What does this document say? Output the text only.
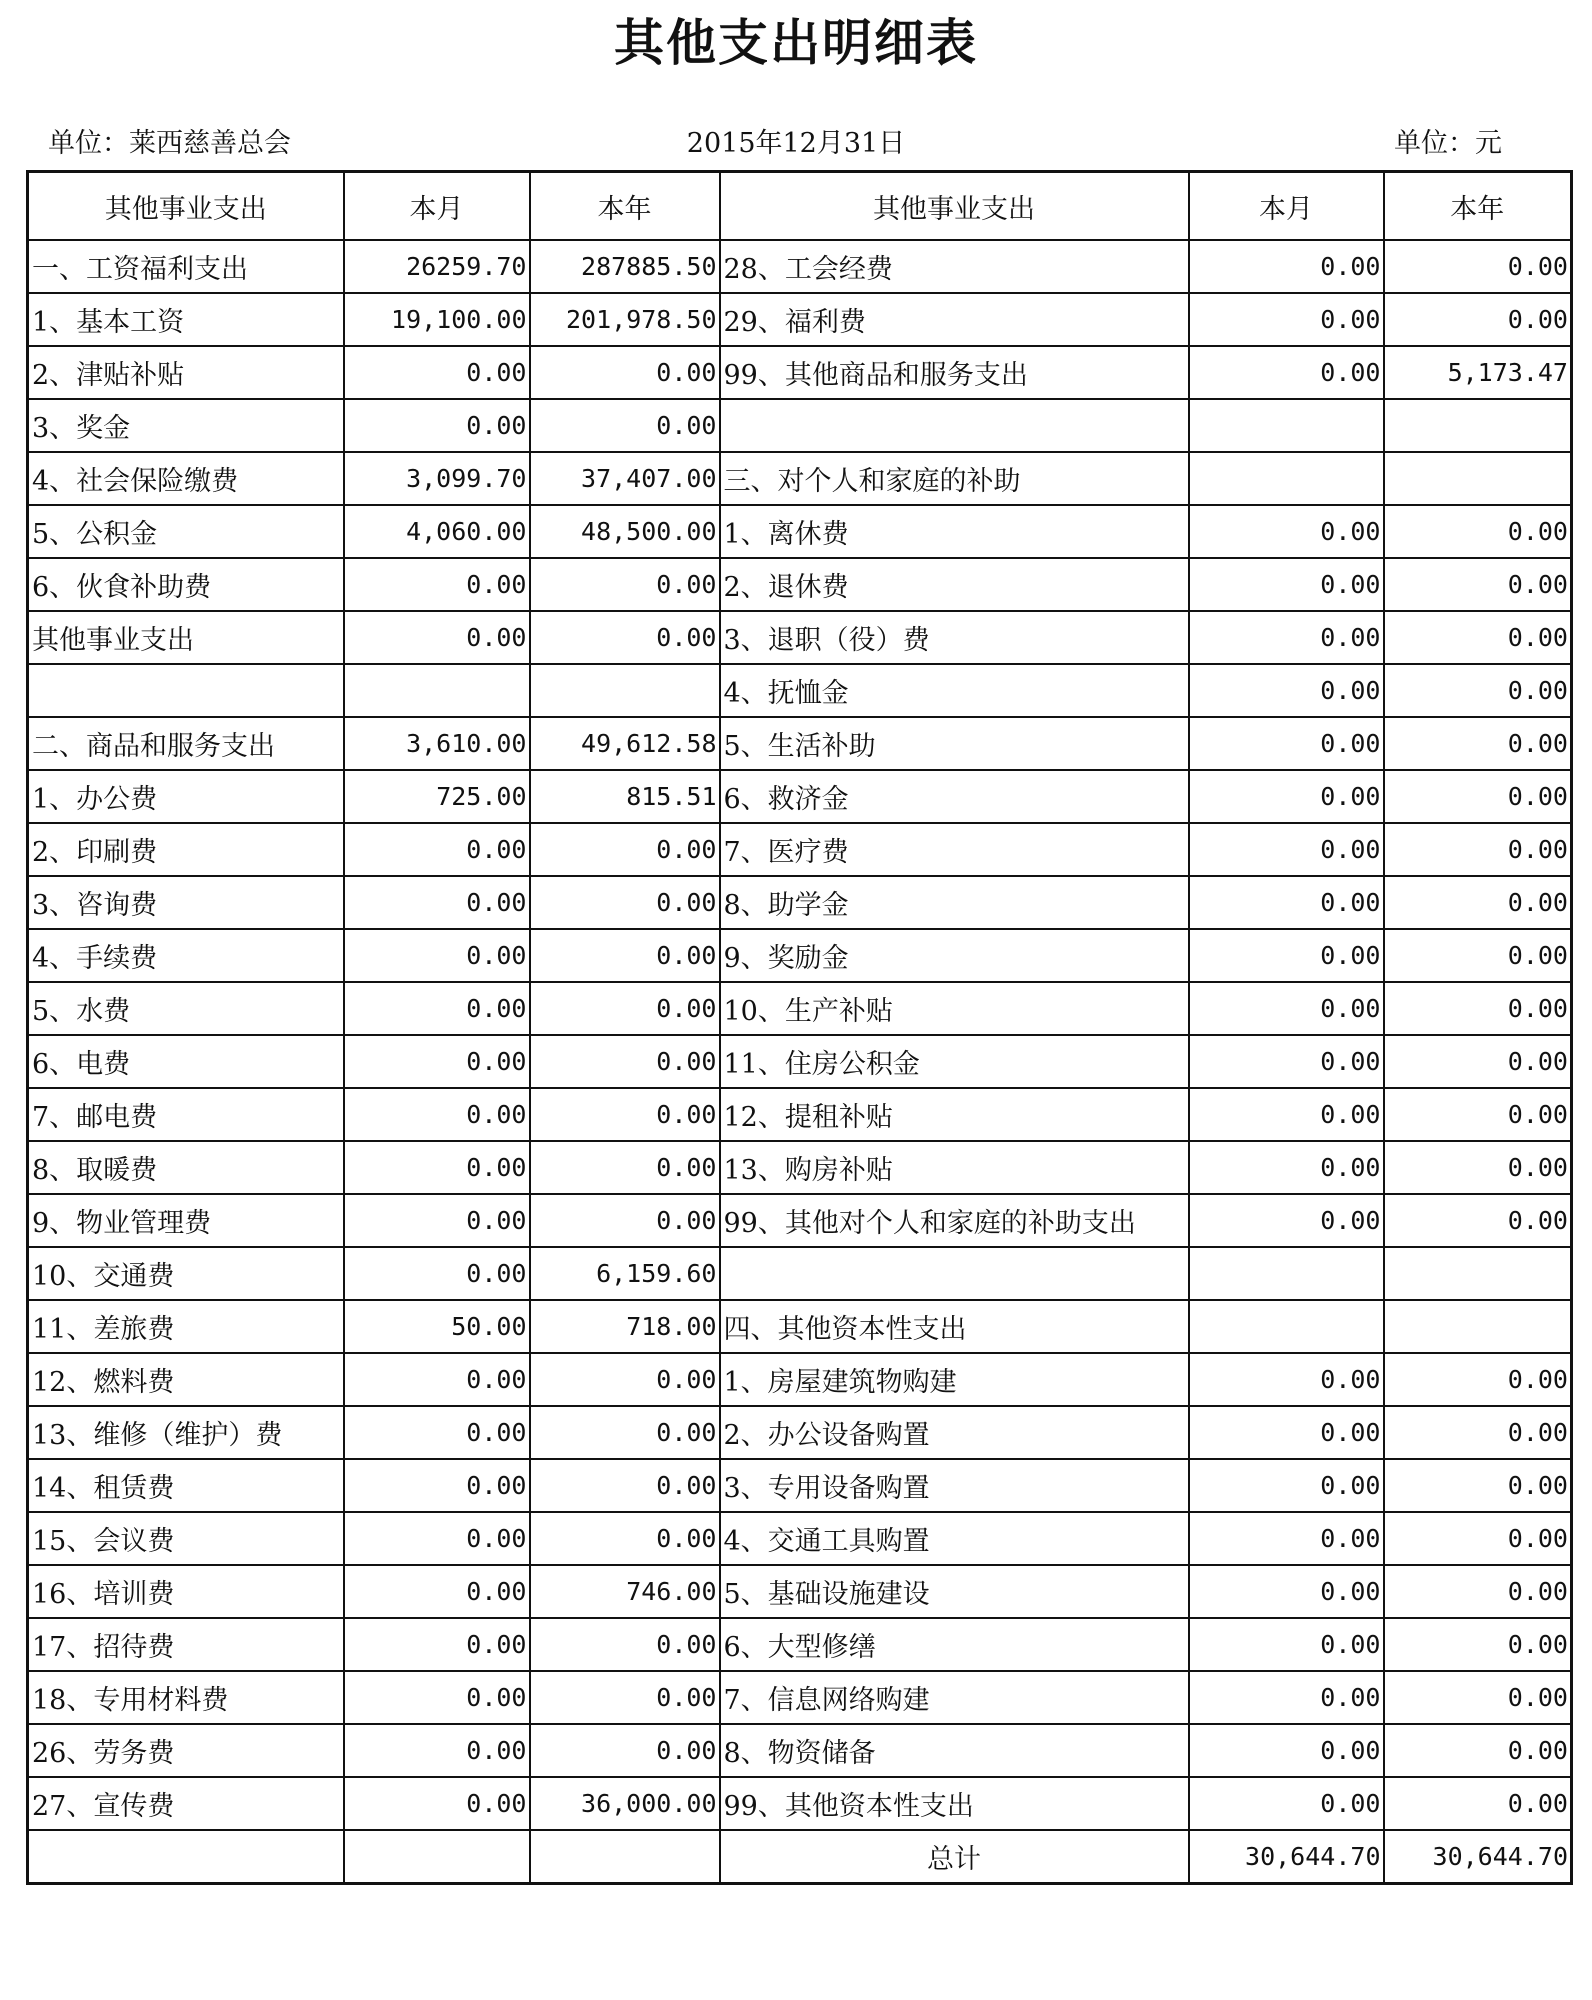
其他支出明细表
单位：莱西慈善总会	2015年12月31日	单位：元
其他事业支出	本月	本年	其他事业支出	本月	本年
一、工资福利支出	26259.70	287885.50	28、工会经费	0.00	0.00
1、基本工资	19,100.00	201,978.50	29、福利费	0.00	0.00
2、津贴补贴	0.00	0.00	99、其他商品和服务支出	0.00	5,173.47
3、奖金	0.00	0.00			
4、社会保险缴费	3,099.70	37,407.00	三、对个人和家庭的补助		
5、公积金	4,060.00	48,500.00	1、离休费	0.00	0.00
6、伙食补助费	0.00	0.00	2、退休费	0.00	0.00
其他事业支出	0.00	0.00	3、退职（役）费	0.00	0.00
			4、抚恤金	0.00	0.00
二、商品和服务支出	3,610.00	49,612.58	5、生活补助	0.00	0.00
1、办公费	725.00	815.51	6、救济金	0.00	0.00
2、印刷费	0.00	0.00	7、医疗费	0.00	0.00
3、咨询费	0.00	0.00	8、助学金	0.00	0.00
4、手续费	0.00	0.00	9、奖励金	0.00	0.00
5、水费	0.00	0.00	10、生产补贴	0.00	0.00
6、电费	0.00	0.00	11、住房公积金	0.00	0.00
7、邮电费	0.00	0.00	12、提租补贴	0.00	0.00
8、取暖费	0.00	0.00	13、购房补贴	0.00	0.00
9、物业管理费	0.00	0.00	99、其他对个人和家庭的补助支出	0.00	0.00
10、交通费	0.00	6,159.60			
11、差旅费	50.00	718.00	四、其他资本性支出		
12、燃料费	0.00	0.00	1、房屋建筑物购建	0.00	0.00
13、维修（维护）费	0.00	0.00	2、办公设备购置	0.00	0.00
14、租赁费	0.00	0.00	3、专用设备购置	0.00	0.00
15、会议费	0.00	0.00	4、交通工具购置	0.00	0.00
16、培训费	0.00	746.00	5、基础设施建设	0.00	0.00
17、招待费	0.00	0.00	6、大型修缮	0.00	0.00
18、专用材料费	0.00	0.00	7、信息网络购建	0.00	0.00
26、劳务费	0.00	0.00	8、物资储备	0.00	0.00
27、宣传费	0.00	36,000.00	99、其他资本性支出	0.00	0.00
			总计	30,644.70	30,644.70
